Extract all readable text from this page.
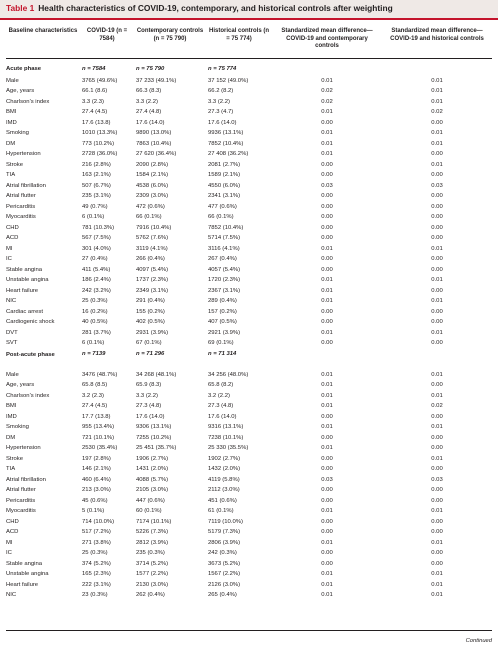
Table 1 Health characteristics of COVID-19, contemporary, and historical controls after weighting
Baseline characteristics	COVID-19 (n = 7584)	Contemporary controls (n = 75 790)	Historical controls (n = 75 774)	Standardized mean difference—COVID-19 and contemporary controls	Standardized mean difference—COVID-19 and historical controls

Acute phase	n = 7584	n = 75 790	n = 75 774		
Male	3765 (49.6%)	37 233 (49.1%)	37 152 (49.0%)	0.01	0.01
Age, years	66.1 (8.6)	66.3 (8.3)	66.2 (8.2)	0.02	0.01
Charlson's index	3.3 (2.3)	3.3 (2.2)	3.3 (2.2)	0.02	0.01
BMI	27.4 (4.5)	27.4 (4.8)	27.3 (4.7)	0.01	0.02
IMD	17.6 (13.8)	17.6 (14.0)	17.6 (14.0)	0.00	0.00
Smoking	1010 (13.3%)	9890 (13.0%)	9936 (13.1%)	0.01	0.01
DM	773 (10.2%)	7863 (10.4%)	7852 (10.4%)	0.01	0.01
Hypertension	2728 (36.0%)	27 620 (36.4%)	27 408 (36.2%)	0.01	0.00
Stroke	216 (2.8%)	2090 (2.8%)	2081 (2.7%)	0.00	0.01
TIA	163 (2.1%)	1584 (2.1%)	1589 (2.1%)	0.00	0.00
Atrial fibrillation	507 (6.7%)	4538 (6.0%)	4550 (6.0%)	0.03	0.03
Atrial flutter	235 (3.1%)	2309 (3.0%)	2341 (3.1%)	0.00	0.00
Pericarditis	49 (0.7%)	472 (0.6%)	477 (0.6%)	0.00	0.00
Myocarditis	6 (0.1%)	66 (0.1%)	66 (0.1%)	0.00	0.00
CHD	781 (10.3%)	7916 (10.4%)	7852 (10.4%)	0.00	0.00
ACD	567 (7.5%)	5762 (7.6%)	5714 (7.5%)	0.00	0.00
MI	301 (4.0%)	3119 (4.1%)	3116 (4.1%)	0.01	0.01
IC	27 (0.4%)	266 (0.4%)	267 (0.4%)	0.00	0.00
Stable angina	411 (5.4%)	4097 (5.4%)	4057 (5.4%)	0.00	0.00
Unstable angina	186 (2.4%)	1737 (2.3%)	1720 (2.3%)	0.01	0.01
Heart failure	242 (3.2%)	2349 (3.1%)	2367 (3.1%)	0.01	0.00
NIC	25 (0.3%)	291 (0.4%)	289 (0.4%)	0.01	0.01
Cardiac arrest	16 (0.2%)	155 (0.2%)	157 (0.2%)	0.00	0.00
Cardiogenic shock	40 (0.5%)	402 (0.5%)	407 (0.5%)	0.00	0.00
DVT	281 (3.7%)	2931 (3.9%)	2921 (3.9%)	0.01	0.01
SVT	6 (0.1%)	67 (0.1%)	69 (0.1%)	0.00	0.00
Post-acute phase	n = 7139	n = 71 296	n = 71 314		
Male	3476 (48.7%)	34 268 (48.1%)	34 256 (48.0%)	0.01	0.01
Age, years	65.8 (8.5)	65.9 (8.3)	65.8 (8.2)	0.01	0.00
Charlson's index	3.2 (2.3)	3.3 (2.2)	3.2 (2.2)	0.01	0.01
BMI	27.4 (4.5)	27.3 (4.8)	27.3 (4.8)	0.01	0.02
IMD	17.7 (13.8)	17.6 (14.0)	17.6 (14.0)	0.00	0.00
Smoking	955 (13.4%)	9306 (13.1%)	9316 (13.1%)	0.01	0.01
DM	721 (10.1%)	7255 (10.2%)	7238 (10.1%)	0.00	0.00
Hypertension	2530 (35.4%)	25 451 (35.7%)	25 330 (35.5%)	0.01	0.00
Stroke	197 (2.8%)	1906 (2.7%)	1902 (2.7%)	0.00	0.01
TIA	146 (2.1%)	1431 (2.0%)	1432 (2.0%)	0.00	0.00
Atrial fibrillation	460 (6.4%)	4088 (5.7%)	4119 (5.8%)	0.03	0.03
Atrial flutter	213 (3.0%)	2105 (3.0%)	2112 (3.0%)	0.00	0.00
Pericarditis	45 (0.6%)	447 (0.6%)	451 (0.6%)	0.00	0.00
Myocarditis	5 (0.1%)	60 (0.1%)	61 (0.1%)	0.01	0.01
CHD	714 (10.0%)	7174 (10.1%)	7119 (10.0%)	0.00	0.00
ACD	517 (7.2%)	5226 (7.3%)	5179 (7.3%)	0.00	0.00
MI	271 (3.8%)	2812 (3.9%)	2806 (3.9%)	0.01	0.01
IC	25 (0.3%)	235 (0.3%)	242 (0.3%)	0.00	0.00
Stable angina	374 (5.2%)	3714 (5.2%)	3673 (5.2%)	0.00	0.00
Unstable angina	165 (2.3%)	1577 (2.2%)	1567 (2.2%)	0.01	0.01
Heart failure	222 (3.1%)	2130 (3.0%)	2126 (3.0%)	0.01	0.01
NIC	23 (0.3%)	262 (0.4%)	265 (0.4%)	0.01	0.01
Continued
